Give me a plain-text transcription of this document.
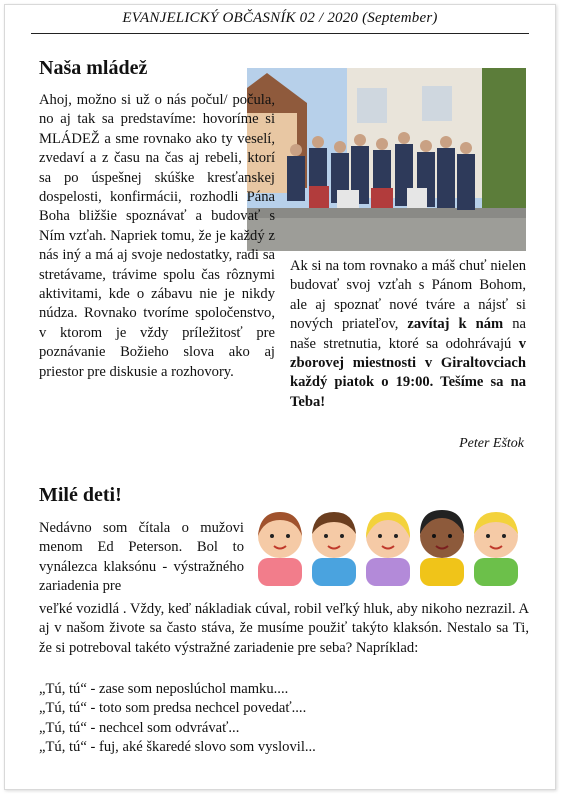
EVANJELICKÝ OBČASNÍK 02 / 2020 (September)
Naša mládež

Ahoj, možno si už o nás počul/ počula, no aj tak sa predstavíme: hovoríme si MLÁDEŽ a sme rovnako ako ty veselí, zvedaví a z času na čas aj rebeli, ktorí sa po úspešnej skúške kresťanskej dospelosti, konfirmácii, rozhodli Pána Boha bližšie spoznávať a budovať s Ním vzťah. Napriek tomu, že je každý z nás iný a má aj svoje nedostatky, radi sa stretávame, trávime spolu čas rôznymi aktivitami, kde o zábavu nie je nikdy núdza. Rovnako tvoríme spoločenstvo, v ktorom je vždy príležitosť pre poznávanie Božieho slova ako aj priestor pre diskusie a rozhovory.

Ak si na tom rovnako a máš chuť nielen budovať svoj vzťah s Pánom Bohom, ale aj spoznať nové tváre a nájsť si nových priateľov, zavítaj k nám na naše stretnutia, ktoré sa odohrávajú v zborovej miestnosti v Giraltovciach každý piatok o 19:00. Tešíme sa na Teba!

Peter Eštok
Milé deti!

Nedávno som čítala o mužovi menom Ed Peterson. Bol to vynálezca klaksónu - výstražného zariadenia pre

veľké vozidlá . Vždy, keď nákladiak cúval, robil veľký hluk, aby nikoho nezrazil. A aj v našom živote sa často stáva, že musíme použiť takýto klaksón. Nestalo sa Ti, že si potreboval takéto výstražné zariadenie pre seba? Napríklad:

„Tú, tú“ - zase som neposlúchol mamku....
„Tú, tú“ - toto som predsa nechcel povedať....
„Tú, tú“ - nechcel som odvrávať...
„Tú, tú“ - fuj, aké škaredé slovo som vyslovil...
